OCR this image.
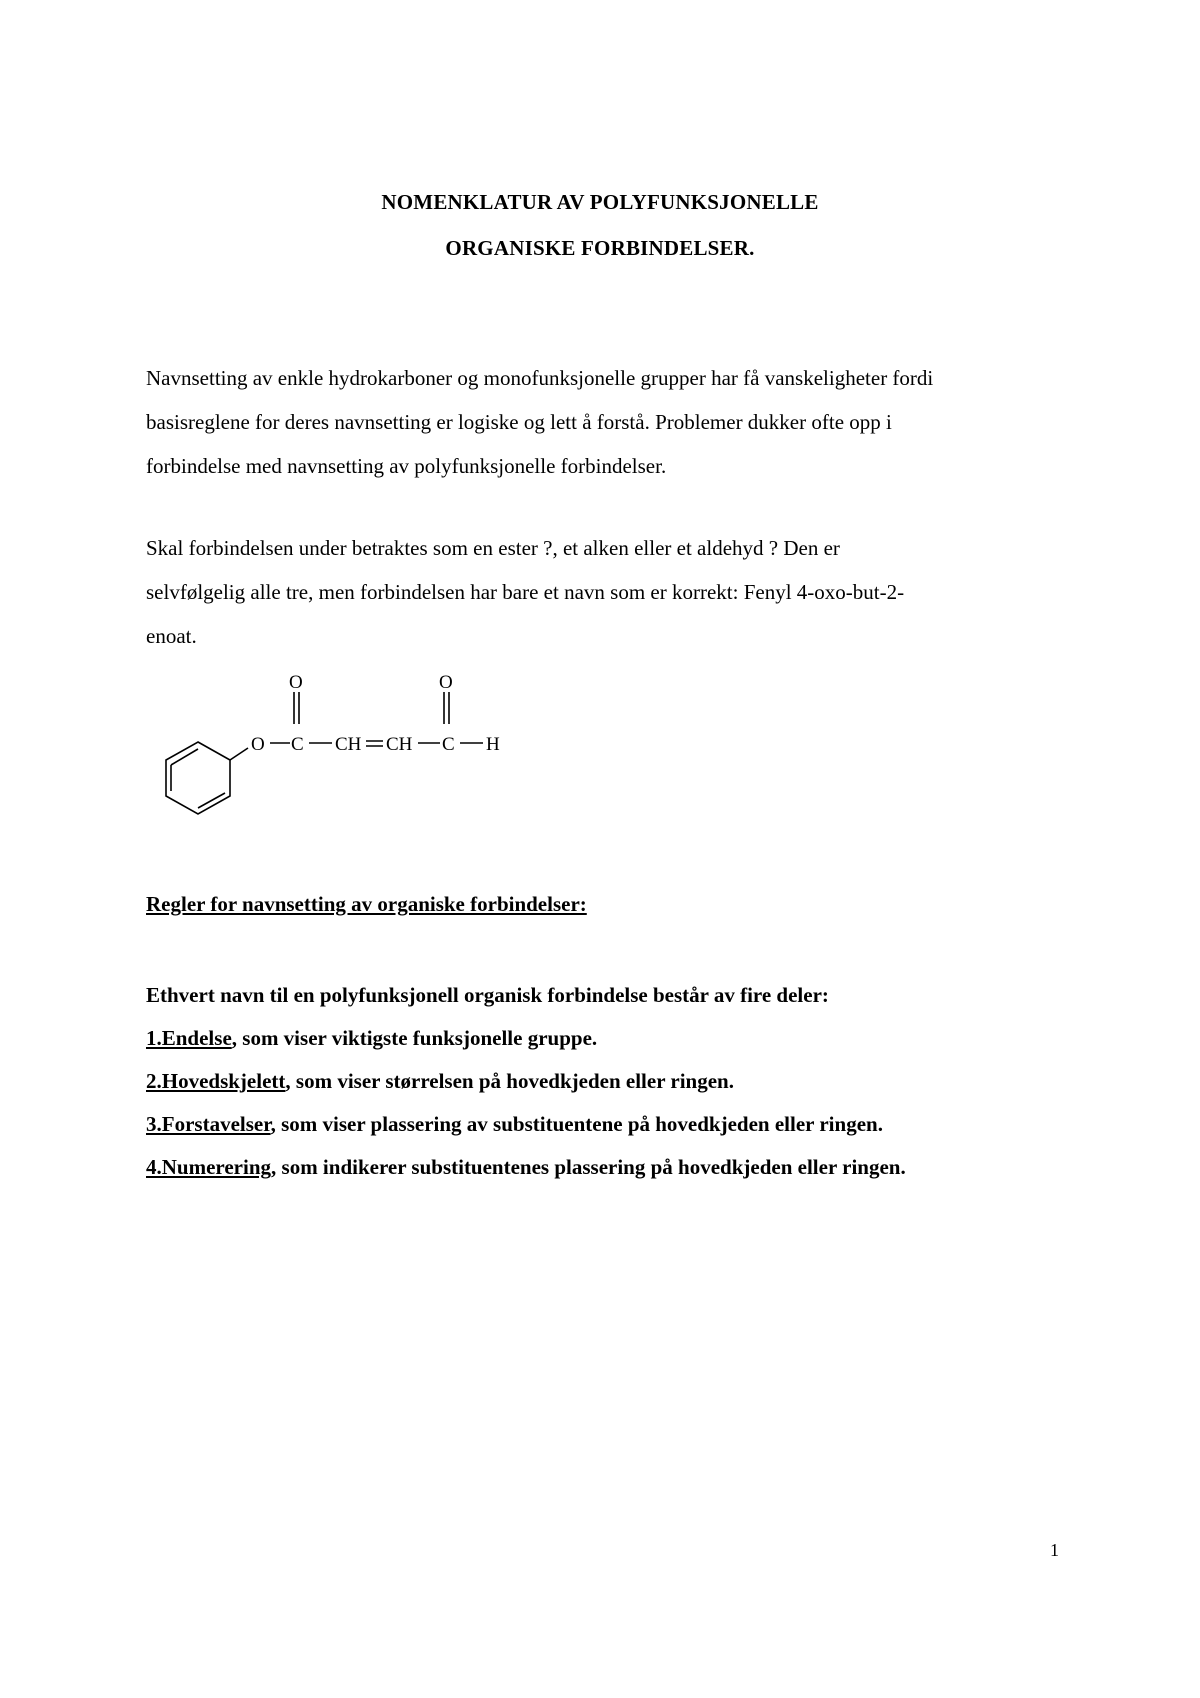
NOMENKLATUR AV POLYFUNKSJONELLE
ORGANISKE FORBINDELSER.
Navnsetting av enkle hydrokarboner og monofunksjonelle grupper har få vanskeligheter fordi
basisreglene for deres navnsetting er logiske og lett å forstå. Problemer dukker ofte opp i
forbindelse med navnsetting av polyfunksjonelle forbindelser.
Skal forbindelsen under betraktes som en ester ?, et alken eller et aldehyd ? Den er
selvfølgelig alle tre, men forbindelsen har bare et navn som er korrekt: Fenyl 4-oxo-but-2-
enoat.
O	O
O C CH CH C H
Regler for navnsetting av organiske forbindelser:
Ethvert navn til en polyfunksjonell organisk forbindelse består av fire deler:
1.Endelse, som viser viktigste funksjonelle gruppe.
2.Hovedskjelett, som viser størrelsen på hovedkjeden eller ringen.
3.Forstavelser, som viser plassering av substituentene på hovedkjeden eller ringen.
4.Numerering, som indikerer substituentenes plassering på hovedkjeden eller ringen.
1
